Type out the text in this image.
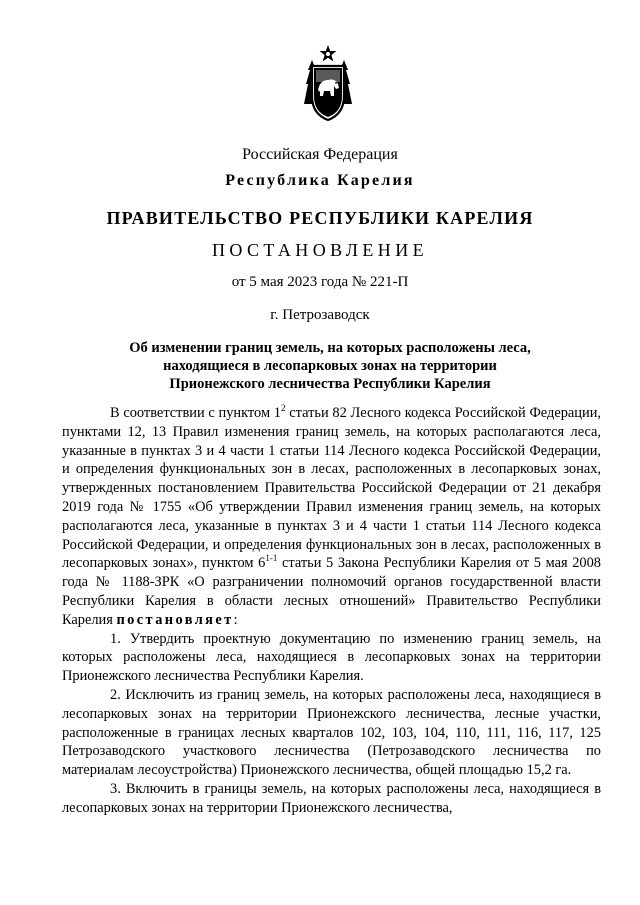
Российская Федерация
Республика Карелия
ПРАВИТЕЛЬСТВО РЕСПУБЛИКИ КАРЕЛИЯ
ПОСТАНОВЛЕНИЕ
от 5 мая 2023 года № 221-П
г. Петрозаводск
Об изменении границ земель, на которых расположены леса,
находящиеся в лесопарковых зонах на территории
Прионежского лесничества Республики Карелия

В соответствии с пунктом $1^2$ статьи 82 Лесного кодекса Российской Федерации, пунктами 12, 13 Правил изменения границ земель, на которых располагаются леса, указанные в пунктах 3 и 4 части 1 статьи 114 Лесного кодекса Российской Федерации, и определения функциональных зон в лесах, расположенных в лесопарковых зонах, утвержденных постановлением Правительства Российской Федерации от 21 декабря 2019 года № 1755 «Об утверждении Правил изменения границ земель, на которых располагаются леса, указанные в пунктах 3 и 4 части 1 статьи 114 Лесного кодекса Российской Федерации, и определения функциональных зон в лесах, расположенных в лесопарковых зонах», пунктом 6$^{1-1}$ статьи 5 Закона Республики Карелия от 5 мая 2008 года № 1188-ЗРК «О разграничении полномочий органов государственной власти Республики Карелия в области лесных отношений» Правительство Республики Карелия постановляет:

1. Утвердить проектную документацию по изменению границ земель, на которых расположены леса, находящиеся в лесопарковых зонах на территории Прионежского лесничества Республики Карелия.

2. Исключить из границ земель, на которых расположены леса, находящиеся в лесопарковых зонах на территории Прионежского лесничества, лесные участки, расположенные в границах лесных кварталов 102, 103, 104, 110, 111, 116, 117, 125 Петрозаводского участкового лесничества (Петрозаводского лесничества по материалам лесоустройства) Прионежского лесничества, общей площадью 15,2 га.

3. Включить в границы земель, на которых расположены леса, находящиеся в лесопарковых зонах на территории Прионежского лесничества,
